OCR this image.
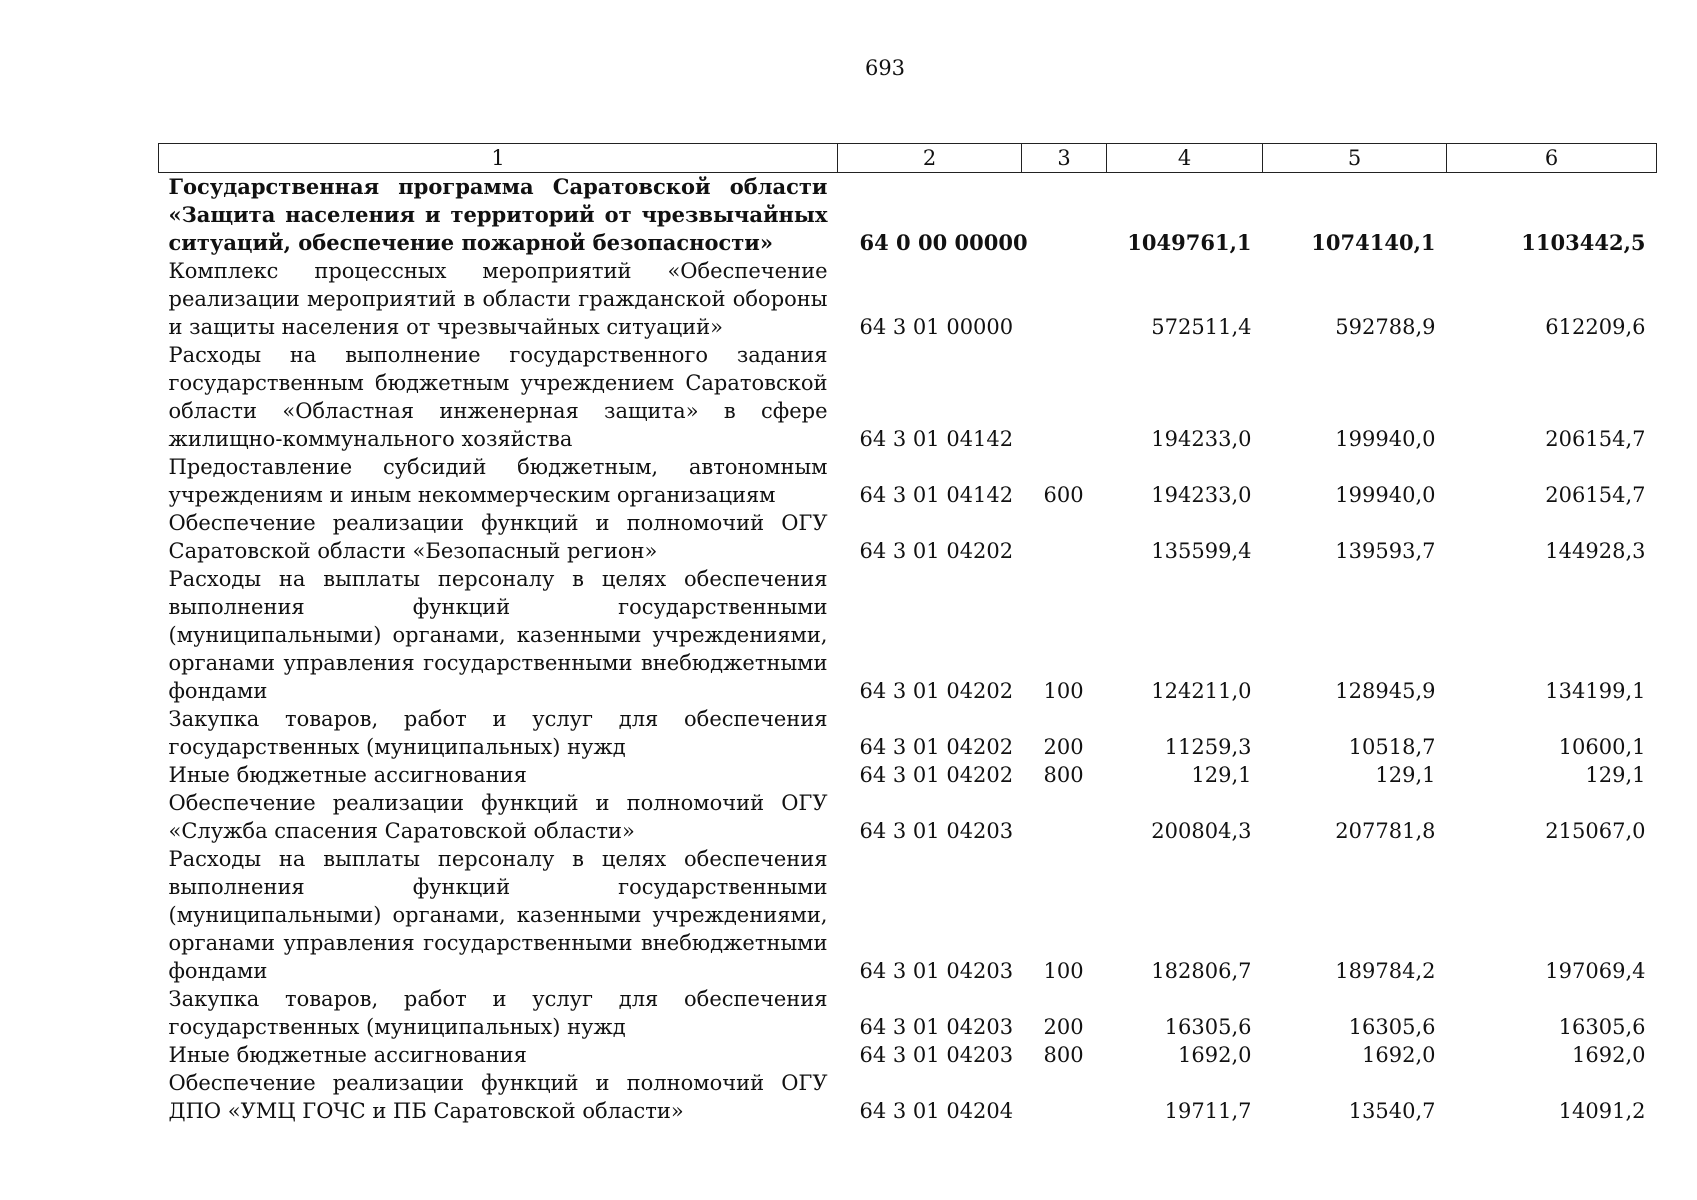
693
1	2	3	4	5	6
Государственная программа Саратовской области «Защита населения и территорий от чрезвычайных ситуаций, обеспечение пожарной безопасности»	64 0 00 00000		1049761,1	1074140,1	1103442,5
Комплекс процессных мероприятий «Обеспечение реализации мероприятий в области гражданской обороны и защиты населения от чрезвычайных ситуаций»	64 3 01 00000		572511,4	592788,9	612209,6
Расходы на выполнение государственного задания государственным бюджетным учреждением Саратовской области «Областная инженерная защита» в сфере жилищно-коммунального хозяйства	64 3 01 04142		194233,0	199940,0	206154,7
Предоставление субсидий бюджетным, автономным учреждениям и иным некоммерческим организациям	64 3 01 04142	600	194233,0	199940,0	206154,7
Обеспечение реализации функций и полномочий ОГУ Саратовской области «Безопасный регион»	64 3 01 04202		135599,4	139593,7	144928,3
Расходы на выплаты персоналу в целях обеспечения выполнения функций государственными (муниципальными) органами, казенными учреждениями, органами управления государственными внебюджетными фондами	64 3 01 04202	100	124211,0	128945,9	134199,1
Закупка товаров, работ и услуг для обеспечения государственных (муниципальных) нужд	64 3 01 04202	200	11259,3	10518,7	10600,1
Иные бюджетные ассигнования	64 3 01 04202	800	129,1	129,1	129,1
Обеспечение реализации функций и полномочий ОГУ «Служба спасения Саратовской области»	64 3 01 04203		200804,3	207781,8	215067,0
Расходы на выплаты персоналу в целях обеспечения выполнения функций государственными (муниципальными) органами, казенными учреждениями, органами управления государственными внебюджетными фондами	64 3 01 04203	100	182806,7	189784,2	197069,4
Закупка товаров, работ и услуг для обеспечения государственных (муниципальных) нужд	64 3 01 04203	200	16305,6	16305,6	16305,6
Иные бюджетные ассигнования	64 3 01 04203	800	1692,0	1692,0	1692,0
Обеспечение реализации функций и полномочий ОГУ ДПО «УМЦ ГОЧС и ПБ Саратовской области»	64 3 01 04204		19711,7	13540,7	14091,2
